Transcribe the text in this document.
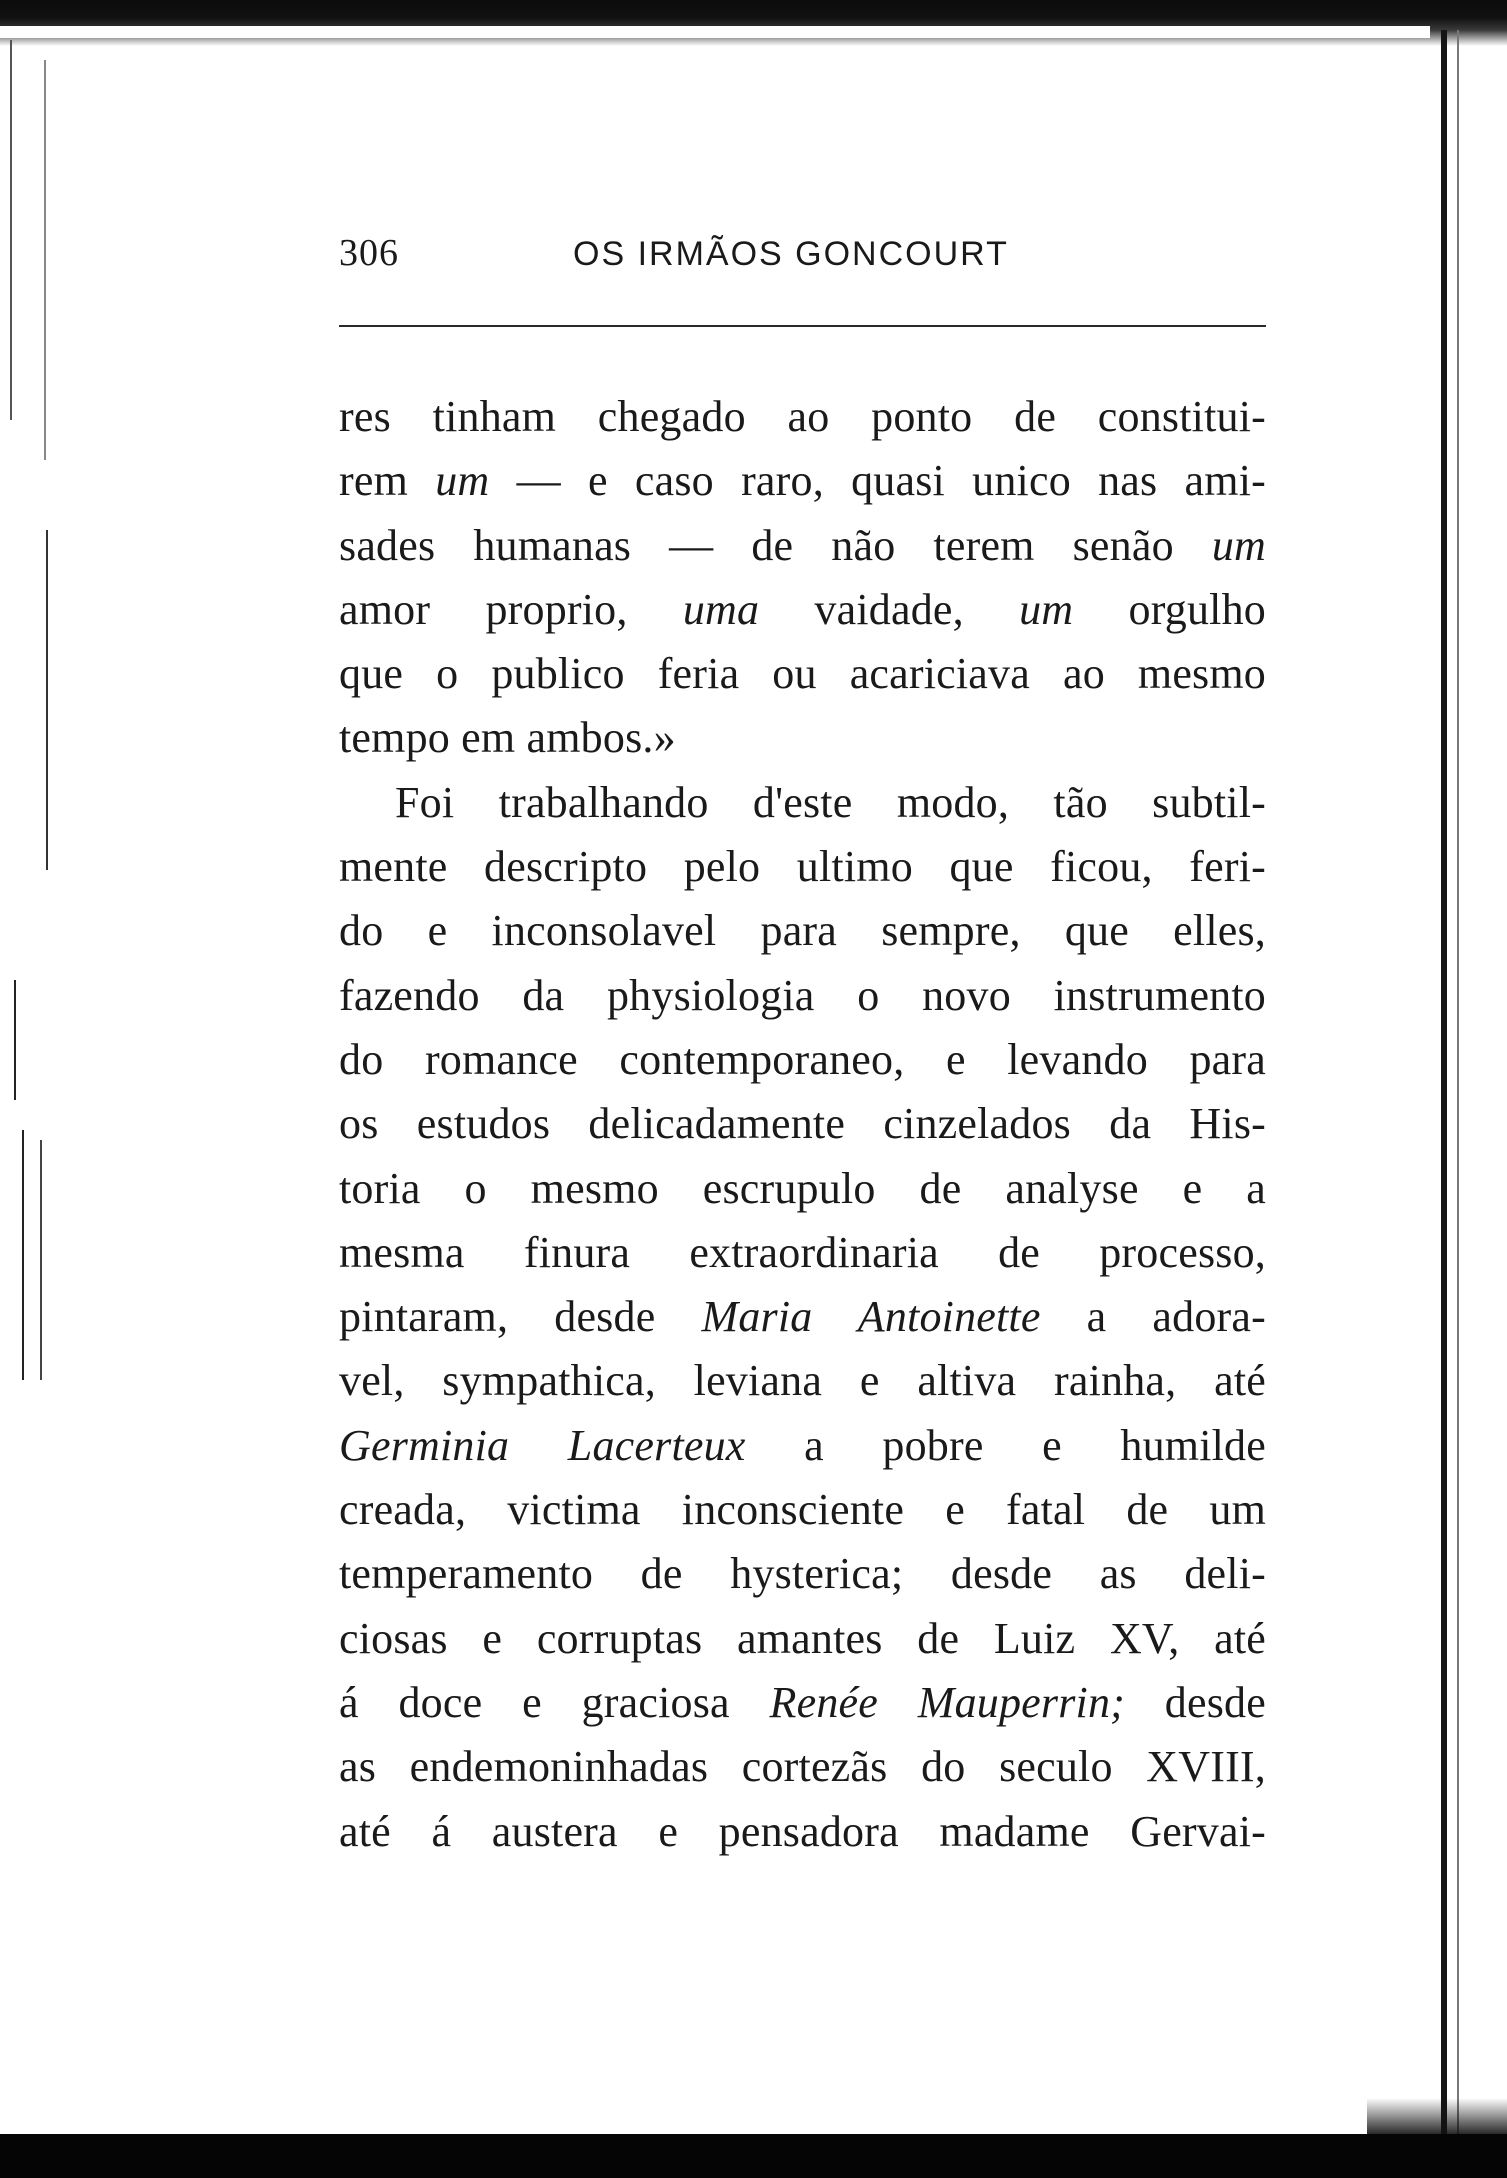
306	OS IRMÃOS GONCOURT
res tinham chegado ao ponto de constitui-
rem um — e caso raro, quasi unico nas ami-
sades humanas — de não terem senão um
amor proprio, uma vaidade, um orgulho
que o publico feria ou acariciava ao mesmo
tempo em ambos.»
Foi trabalhando d'este modo, tão subtil-
mente descripto pelo ultimo que ficou, feri-
do e inconsolavel para sempre, que elles,
fazendo da physiologia o novo instrumento
do romance contemporaneo, e levando para
os estudos delicadamente cinzelados da His-
toria o mesmo escrupulo de analyse e a
mesma finura extraordinaria de processo,
pintaram, desde Maria Antoinette a adora-
vel, sympathica, leviana e altiva rainha, até
Germinia Lacerteux a pobre e humilde
creada, victima inconsciente e fatal de um
temperamento de hysterica; desde as deli-
ciosas e corruptas amantes de Luiz XV, até
á doce e graciosa Renée Mauperrin; desde
as endemoninhadas cortezãs do seculo XVIII,
até á austera e pensadora madame Gervai-
